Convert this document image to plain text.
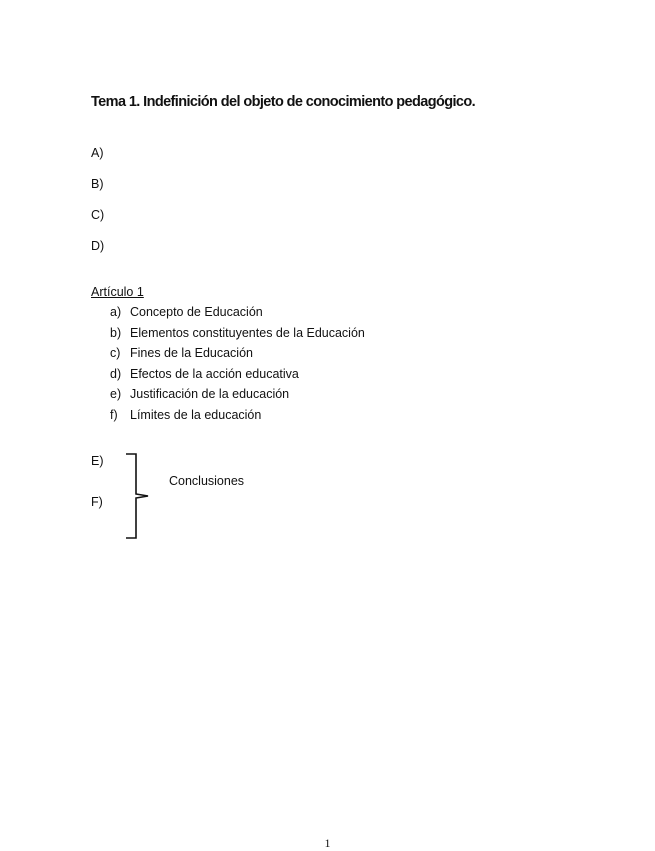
Tema 1. Indefinición del objeto de conocimiento pedagógico.
A)
B)
C)
D)
Artículo 1
a) Concepto de Educación
b) Elementos constituyentes de la Educación
c) Fines de la Educación
d) Efectos de la acción educativa
e) Justificación de la educación
f) Límites de la educación
E)
F)
Conclusiones
1
